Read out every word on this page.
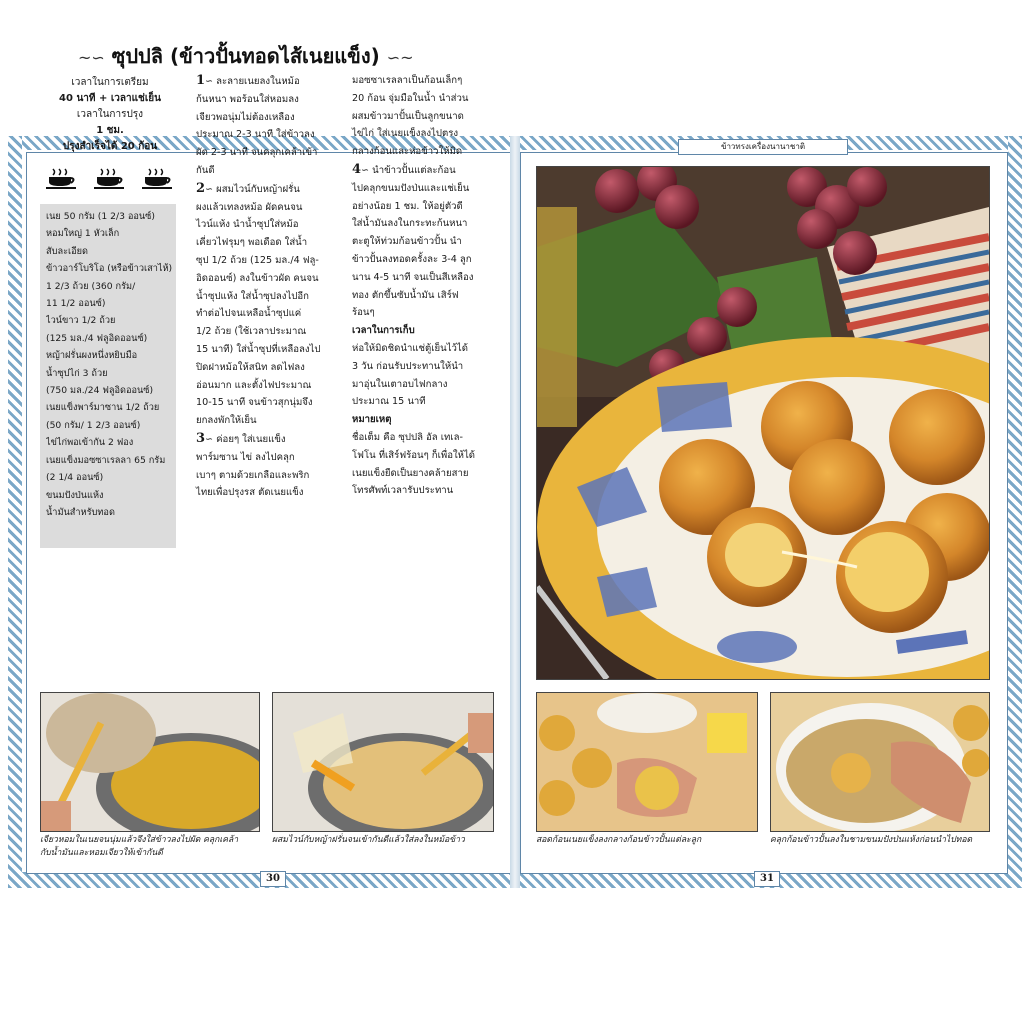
ข้าวทรงเครื่องนานาชาติ
30	31
~∽ ซุปปลิ (ข้าวปั้นทอดไส้เนยแข็ง) ∽~
เวลาในการเตรียม
40 นาที + เวลาแช่เย็น
เวลาในการปรุง
1 ชม.
ปรุงสำเร็จได้ 20 ก้อน
เนย 50 กรัม (1 2/3 ออนซ์)
หอมใหญ่ 1 หัวเล็ก
สับละเอียด
ข้าวอาร์โบริโอ (หรือข้าวเสาไห้)
1 2/3 ถ้วย (360 กรัม/
11 1/2 ออนซ์)
ไวน์ขาว 1/2 ถ้วย
(125 มล./4 ฟลูอิดออนซ์)
หญ้าฝรั่นผงหนึ่งหยิบมือ
น้ำซุปไก่ 3 ถ้วย
(750 มล./24 ฟลูอิดออนซ์)
เนยแข็งพาร์มาซาน 1/2 ถ้วย
(50 กรัม/ 1 2/3 ออนซ์)
ไข่ไก่พอเข้ากัน 2 ฟอง
เนยแข็งมอซซาเรลลา 65 กรัม
(2 1/4 ออนซ์)
ขนมปังป่นแห้ง
น้ำมันสำหรับทอด
1∽ ละลายเนยลงในหม้อ
ก้นหนา พอร้อนใส่หอมลง
เจียวพอนุ่มไม่ต้องเหลือง
ประมาณ 2-3 นาที ใส่ข้าวลง
ผัด 2-3 นาที จนคลุกเคล้าเข้า
กันดี
2∽ ผสมไวน์กับหญ้าฝรั่น
ผงแล้วเทลงหม้อ ผัดคนจน
ไวน์แห้ง นำน้ำซุปใส่หม้อ
เคี่ยวไฟรุมๆ พอเดือด ใส่น้ำ
ซุป 1/2 ถ้วย (125 มล./4 ฟลู-
อิดออนซ์) ลงในข้าวผัด คนจน
น้ำซุปแห้ง ใส่น้ำซุปลงไปอีก
ทำต่อไปจนเหลือน้ำซุปแค่
1/2 ถ้วย (ใช้เวลาประมาณ
15 นาที) ใส่น้ำซุปที่เหลือลงไป
ปิดฝาหม้อให้สนิท ลดไฟลง
อ่อนมาก และตั้งไฟประมาณ
10-15 นาที จนข้าวสุกนุ่มจึง
ยกลงพักให้เย็น
3∽ ค่อยๆ ใส่เนยแข็ง
พาร์มซาน ไข่ ลงไปคลุก
เบาๆ ตามด้วยเกลือและพริก
ไทยเพื่อปรุงรส ตัดเนยแข็ง
มอซซาเรลลาเป็นก้อนเล็กๆ
20 ก้อน จุ่มมือในน้ำ นำส่วน
ผสมข้าวมาปั้นเป็นลูกขนาด
ไข่ไก่ ใส่เนยแข็งลงไปตรง
กลางก้อนและห่อข้าวให้มิด
4∽ นำข้าวปั้นแต่ละก้อน
ไปคลุกขนมปังป่นและแช่เย็น
อย่างน้อย 1 ชม. ให้อยู่ตัวดี
ใส่น้ำมันลงในกระทะก้นหนา
ตะตูให้ท่วมก้อนข้าวปั้น นำ
ข้าวปั้นลงทอดครั้งละ 3-4 ลูก
นาน 4-5 นาที จนเป็นสีเหลือง
ทอง ตักขึ้นซับน้ำมัน เสิร์ฟ
ร้อนๆ
เวลาในการเก็บ
ห่อให้มิดชิดนำแช่ตู้เย็นไว้ได้
3 วัน ก่อนรับประทานให้นำ
มาอุ่นในเตาอบไฟกลาง
ประมาณ 15 นาที
หมายเหตุ
ชื่อเต็ม คือ ซุปปลิ อัล เทเล-
โฟโน ที่เสิร์ฟร้อนๆ ก็เพื่อให้ได้
เนยแข็งยืดเป็นยางคล้ายสาย
โทรศัพท์เวลารับประทาน
เจียวหอมในเนยจนนุ่มแล้วจึงใส่ข้าวลงไปผัด คลุกเคล้า
กับน้ำมันและหอมเจียวให้เข้ากันดี
ผสมไวน์กับหญ้าฝรั่นจนเข้ากันดีแล้วใส่ลงในหม้อข้าว	สอดก้อนเนยแข็งลงกลางก้อนข้าวปั้นแต่ละลูก	คลุกก้อนข้าวปั้นลงในชามขนมปังป่นแห้งก่อนนำไปทอด
